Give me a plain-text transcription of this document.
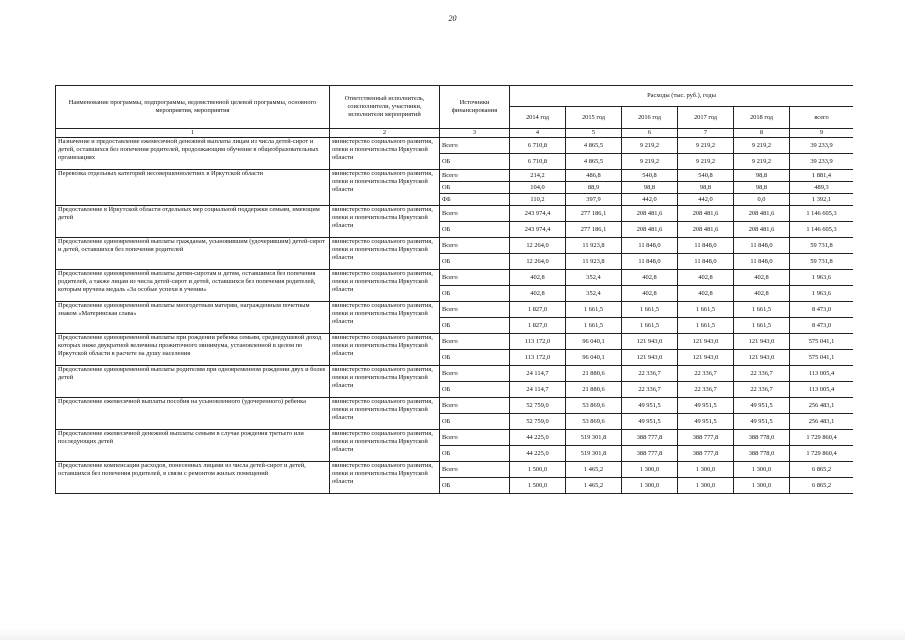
20
Наименование программы, подпрограммы, ведомственной целевой программы, основного мероприятия, мероприятия	Ответственный исполнитель, соисполнители, участники, исполнители мероприятий	Источники финансирования	Расходы (тыс. руб.), годы					
			2014 год	2015 год	2016 год	2017 год	2018 год	всего
1	2	3	4	5	6	7	8	9
Назначение и предоставление ежемесячной денежной выплаты лицам из числа детей-сирот и детей, оставшихся без попечения родителей, продолжающим обучение в общеобразовательных организациях	министерство социального развития, опеки и попечительства Иркутской области	Всего	6 710,8	4 865,5	9 219,2	9 219,2	9 219,2	39 233,9
		ОБ	6 710,8	4 865,5	9 219,2	9 219,2	9 219,2	39 233,9
Перевозка отдельных категорий несовершеннолетних в Иркутской области	министерство социального развития, опеки и попечительства Иркутской области	Всего	214,2	486,8	540,8	540,8	98,8	1 881,4
		ОБ	104,0	88,9	98,8	98,8	98,8	489,3
		ФБ	110,2	397,9	442,0	442,0	0,0	1 392,1
Предоставление в Иркутской области отдельных мер социальной поддержки семьям, имеющим детей	министерство социального развития, опеки и попечительства Иркутской области	Всего	243 974,4	277 186,1	208 481,6	208 481,6	208 481,6	1 146 605,3
		ОБ	243 974,4	277 186,1	208 481,6	208 481,6	208 481,6	1 146 605,3
Предоставление единовременной выплаты гражданам, усыновившим (удочерившим) детей-сирот и детей, оставшихся без попечения родителей	министерство социального развития, опеки и попечительства Иркутской области	Всего	12 264,0	11 923,8	11 848,0	11 848,0	11 848,0	59 731,8
		ОБ	12 264,0	11 923,8	11 848,0	11 848,0	11 848,0	59 731,8
Предоставление единовременной выплаты детям-сиротам и детям, оставшимся без попечения родителей, а также лицам из числа детей-сирот и детей, оставшихся без попечения родителей, которым вручена медаль «За особые успехи в учении»	министерство социального развития, опеки и попечительства Иркутской области	Всего	402,8	352,4	402,8	402,8	402,8	1 963,6
		ОБ	402,8	352,4	402,8	402,8	402,8	1 963,6
Предоставление единовременной выплаты многодетным матерям, награжденным почетным знаком «Материнская слава»	министерство социального развития, опеки и попечительства Иркутской области	Всего	1 827,0	1 661,5	1 661,5	1 661,5	1 661,5	8 473,0
		ОБ	1 827,0	1 661,5	1 661,5	1 661,5	1 661,5	8 473,0
Предоставление единовременной выплаты при рождении ребенка семьям, среднедушевой доход которых ниже двукратной величины прожиточного минимума, установленной в целом по Иркутской области в расчете на душу населения	министерство социального развития, опеки и попечительства Иркутской области	Всего	113 172,0	96 040,1	121 943,0	121 943,0	121 943,0	575 041,1
		ОБ	113 172,0	96 040,1	121 943,0	121 943,0	121 943,0	575 041,1
Предоставление единовременной выплаты родителям при одновременном рождении двух и более детей	министерство социального развития, опеки и попечительства Иркутской области	Всего	24 114,7	21 880,6	22 336,7	22 336,7	22 336,7	113 005,4
		ОБ	24 114,7	21 880,6	22 336,7	22 336,7	22 336,7	113 005,4
Предоставление ежемесячной выплаты пособия на усыновленного (удочеренного) ребенка	министерство социального развития, опеки и попечительства Иркутской области	Всего	52 759,0	53 869,6	49 951,5	49 951,5	49 951,5	256 483,1
		ОБ	52 759,0	53 869,6	49 951,5	49 951,5	49 951,5	256 483,1
Предоставление ежемесячной денежной выплаты семьям в случае рождения третьего или последующих детей	министерство социального развития, опеки и попечительства Иркутской области	Всего	44 225,0	519 301,8	388 777,8	388 777,8	388 778,0	1 729 860,4
		ОБ	44 225,0	519 301,8	388 777,8	388 777,8	388 778,0	1 729 860,4
Предоставление компенсации расходов, понесенных лицами из числа детей-сирот и детей, оставшихся без попечения родителей, в связи с ремонтом жилых помещений	министерство социального развития, опеки и попечительства Иркутской области	Всего	1 500,0	1 465,2	1 300,0	1 300,0	1 300,0	6 865,2
		ОБ	1 500,0	1 465,2	1 300,0	1 300,0	1 300,0	6 865,2
